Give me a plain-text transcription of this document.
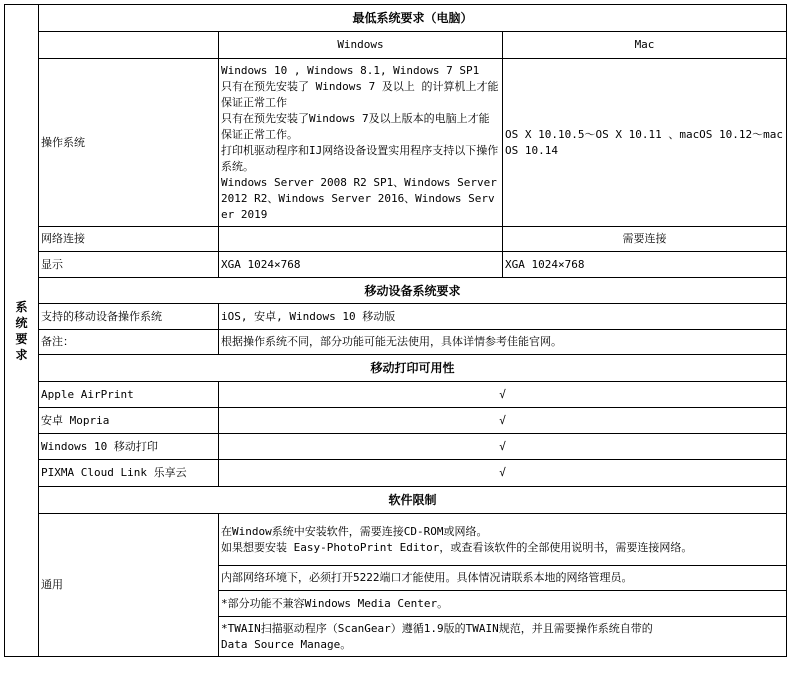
系统要求	最低系统要求（电脑）		
		Windows	Mac
	操作系统	Windows 10 , Windows 8.1, Windows 7 SP1
只有在预先安装了 Windows 7 及以上 的计算机上才能保证正常工作
只有在预先安装了Windows 7及以上版本的电脑上才能保证正常工作。
打印机驱动程序和IJ网络设备设置实用程序支持以下操作系统。
Windows Server 2008 R2 SP1、Windows Server 2012 R2、Windows Server 2016、Windows Server 2019	OS X 10.10.5～OS X 10.11 、macOS 10.12～macOS 10.14
	网络连接		需要连接
	显示	XGA 1024×768	XGA 1024×768
	移动设备系统要求		
	支持的移动设备操作系统	iOS, 安卓, Windows 10 移动版	
	备注：	根据操作系统不同，部分功能可能无法使用，具体详情参考佳能官网。	
	移动打印可用性		
	Apple AirPrint	√	
	安卓 Mopria	√	
	Windows 10 移动打印	√	
	PIXMA Cloud Link 乐享云	√	
	软件限制		
	通用	在Window系统中安装软件，需要连接CD-ROM或网络。
如果想要安装 Easy-PhotoPrint Editor，或查看该软件的全部使用说明书，需要连接网络。	

		内部网络环境下，必须打开5222端口才能使用。具体情况请联系本地的网络管理员。	
		*部分功能不兼容Windows Media Center。	

		*TWAIN扫描驱动程序（ScanGear）遵循1.9版的TWAIN规范，并且需要操作系统自带的
Data Source Manage。	
